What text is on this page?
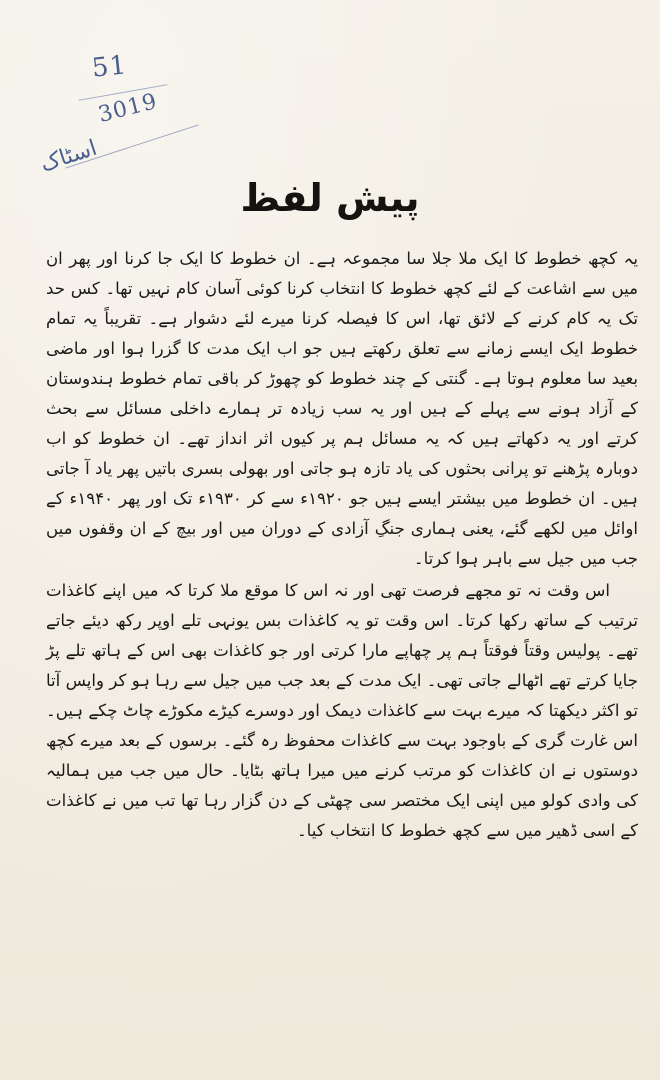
51
3019
اسٹاک
پیش لفظ

یہ کچھ خطوط کا ایک ملا جلا سا مجموعہ ہے۔ ان خطوط کا ایک جا کرنا اور پھر ان میں سے اشاعت کے لئے کچھ خطوط کا انتخاب کرنا کوئی آسان کام نہیں تھا۔ کس حد تک یہ کام کرنے کے لائق تھا، اس کا فیصلہ کرنا میرے لئے دشوار ہے۔ تقریباً یہ تمام خطوط ایک ایسے زمانے سے تعلق رکھتے ہیں جو اب ایک مدت کا گزرا ہوا اور ماضی بعید سا معلوم ہوتا ہے۔ گنتی کے چند خطوط کو چھوڑ کر باقی تمام خطوط ہندوستان کے آزاد ہونے سے پہلے کے ہیں اور یہ سب زیادہ تر ہمارے داخلی مسائل سے بحث کرتے اور یہ دکھاتے ہیں کہ یہ مسائل ہم پر کیوں اثر انداز تھے۔ ان خطوط کو اب دوبارہ پڑھنے تو پرانی بحثوں کی یاد تازہ ہو جاتی اور بھولی بسری باتیں پھر یاد آ جاتی ہیں۔ ان خطوط میں بیشتر ایسے ہیں جو ۱۹۲۰ء سے کر ۱۹۳۰ء تک اور پھر ۱۹۴۰ء کے اوائل میں لکھے گئے، یعنی ہماری جنگِ آزادی کے دوران میں اور بیچ کے ان وقفوں میں جب میں جیل سے باہر ہوا کرتا۔

اس وقت نہ تو مجھے فرصت تھی اور نہ اس کا موقع ملا کرتا کہ میں اپنے کاغذات ترتیب کے ساتھ رکھا کرتا۔ اس وقت تو یہ کاغذات بس یونہی تلے اوپر رکھ دیئے جاتے تھے۔ پولیس وقتاً فوقتاً ہم پر چھاپے مارا کرتی اور جو کاغذات بھی اس کے ہاتھ تلے پڑ جایا کرتے تھے اٹھالے جاتی تھی۔ ایک مدت کے بعد جب میں جیل سے رہا ہو کر واپس آتا تو اکثر دیکھتا کہ میرے بہت سے کاغذات دیمک اور دوسرے کیڑے مکوڑے چاٹ چکے ہیں۔ اس غارت گری کے باوجود بہت سے کاغذات محفوظ رہ گئے۔ برسوں کے بعد میرے کچھ دوستوں نے ان کاغذات کو مرتب کرنے میں میرا ہاتھ بٹایا۔ حال میں جب میں ہمالیہ کی وادی کولو میں اپنی ایک مختصر سی چھٹی کے دن گزار رہا تھا تب میں نے کاغذات کے اسی ڈھیر میں سے کچھ خطوط کا انتخاب کیا۔
